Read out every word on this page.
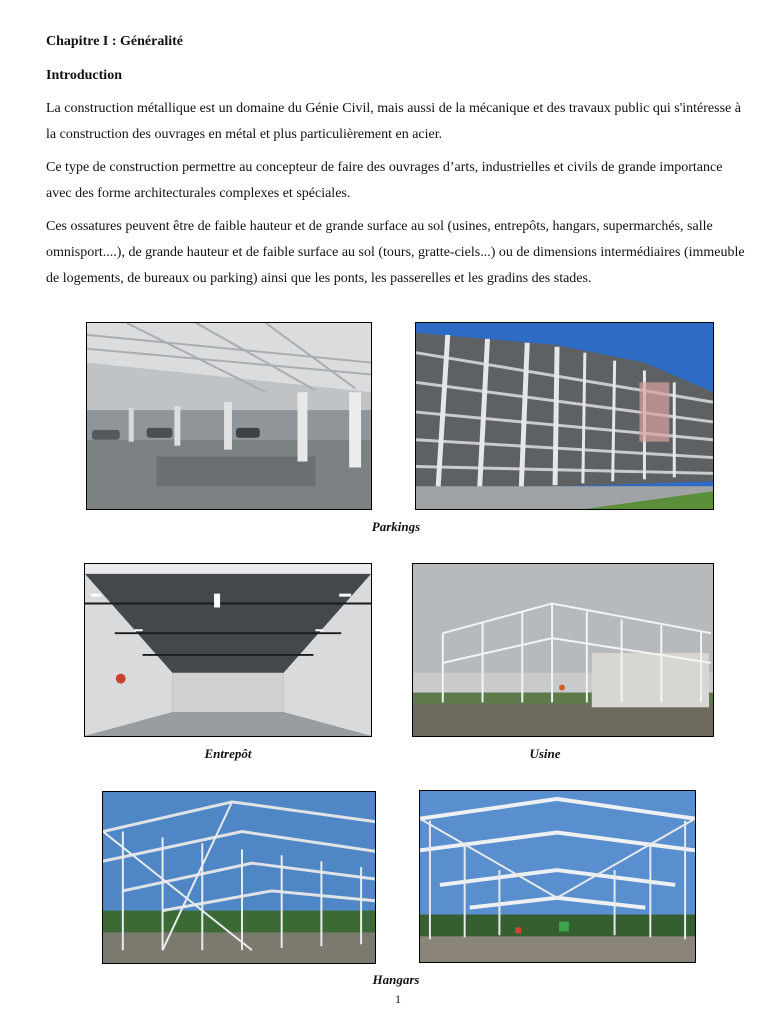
Chapitre I : Généralité
Introduction

La construction métallique est un domaine du Génie Civil, mais aussi de la mécanique et des travaux public qui s'intéresse à la construction des ouvrages en métal et plus particulièrement en acier.

Ce type de construction permettre au concepteur de faire des ouvrages d’arts, industrielles et civils de grande importance avec des forme architecturales complexes et spéciales.

Ces ossatures peuvent être de faible hauteur et de grande surface au sol (usines, entrepôts, hangars, supermarchés, salle omnisport....), de grande hauteur et de faible surface au sol (tours, gratte-ciels...) ou de dimensions intermédiaires (immeuble de logements, de bureaux ou parking) ainsi que les ponts, les passerelles et les gradins des stades.

Parkings

Entrepôt	Usine

Hangars

1
